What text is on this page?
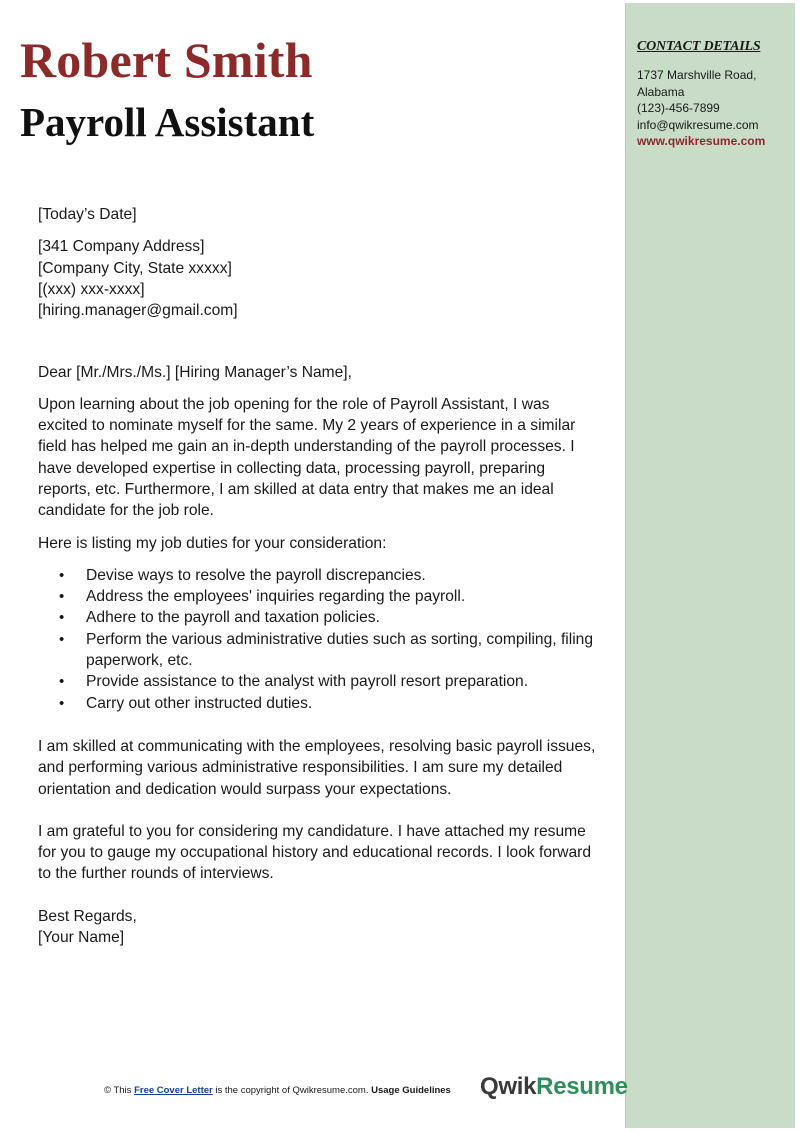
CONTACT DETAILS
1737 Marshville Road,
Alabama
(123)-456-7899
info@qwikresume.com
www.qwikresume.com
Robert Smith
Payroll Assistant

[Today’s Date]

[341 Company Address]
[Company City, State xxxxx]
[(xxx) xxx-xxxx]
[hiring.manager@gmail.com]

Dear [Mr./Mrs./Ms.] [Hiring Manager’s Name],

Upon learning about the job opening for the role of Payroll Assistant, I was excited to nominate myself for the same. My 2 years of experience in a similar field has helped me gain an in-depth understanding of the payroll processes. I have developed expertise in collecting data, processing payroll, preparing reports, etc. Furthermore, I am skilled at data entry that makes me an ideal candidate for the job role.

Here is listing my job duties for your consideration:

• Devise ways to resolve the payroll discrepancies.
• Address the employees' inquiries regarding the payroll.
• Adhere to the payroll and taxation policies.
• Perform the various administrative duties such as sorting, compiling, filing paperwork, etc.
• Provide assistance to the analyst with payroll resort preparation.
• Carry out other instructed duties.

I am skilled at communicating with the employees, resolving basic payroll issues, and performing various administrative responsibilities. I am sure my detailed orientation and dedication would surpass your expectations.

I am grateful to you for considering my candidature. I have attached my resume for you to gauge my occupational history and educational records. I look forward to the further rounds of interviews.

Best Regards,
[Your Name]

© This Free Cover Letter is the copyright of Qwikresume.com. Usage Guidelines QwikResume
